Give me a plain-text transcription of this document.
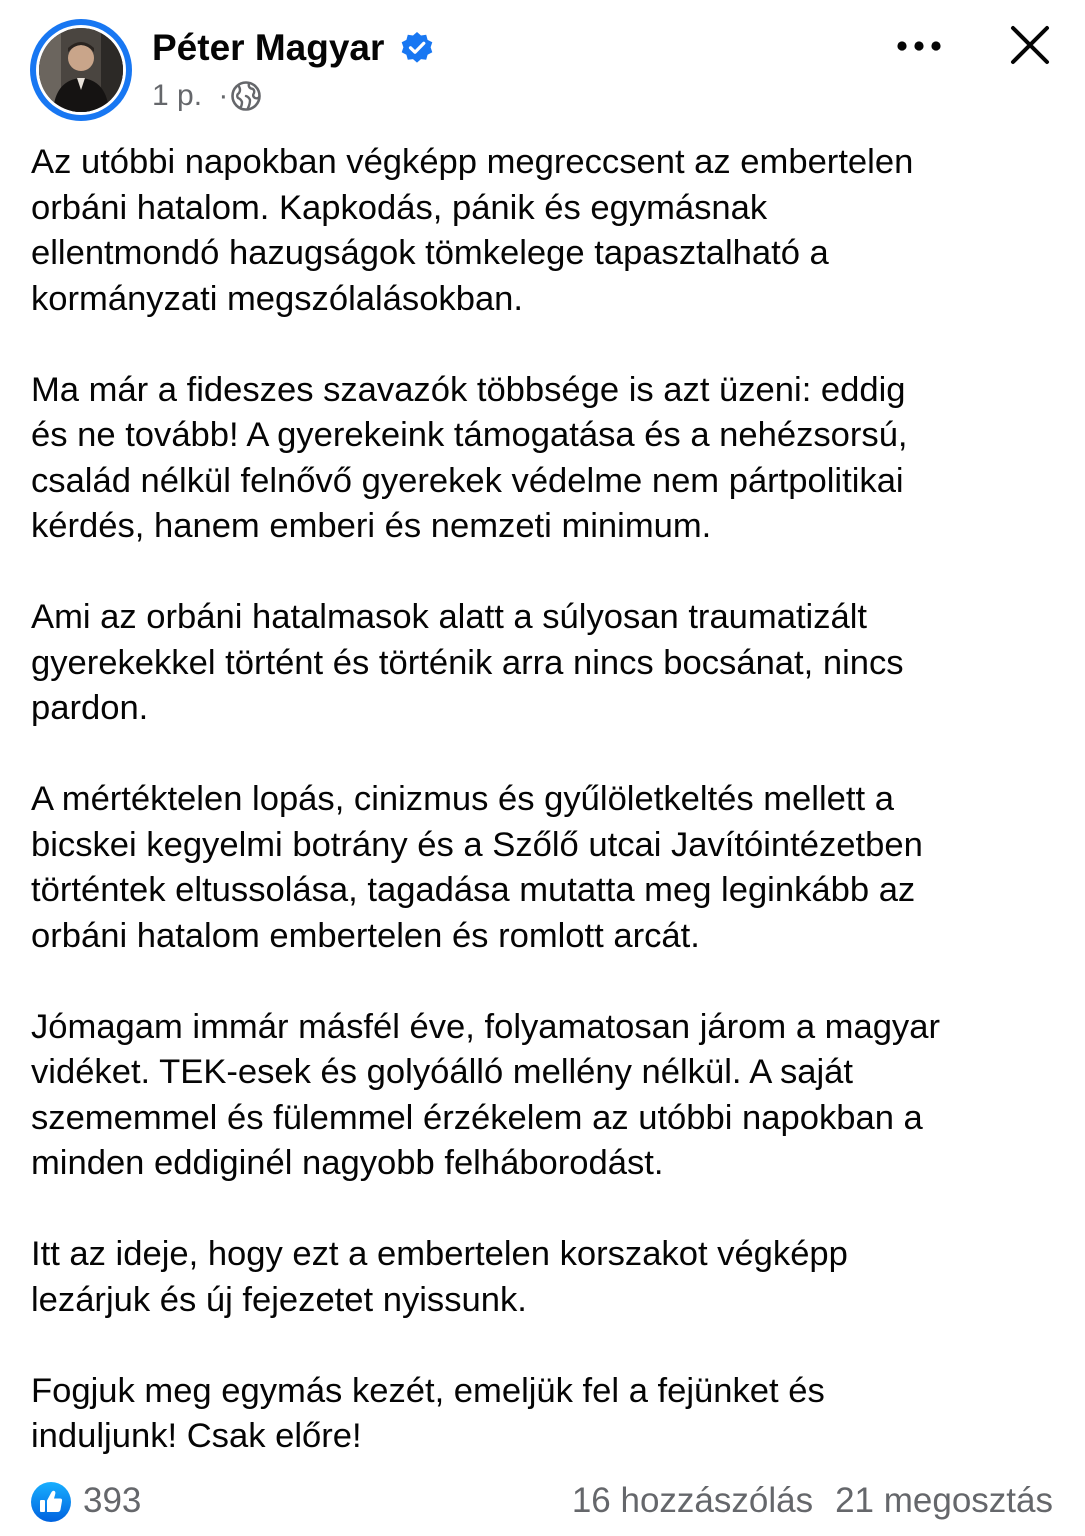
Péter Magyar
1 p. ·

Az utóbbi napokban végképp megreccsent az embertelen
orbáni hatalom. Kapkodás, pánik és egymásnak
ellentmondó hazugságok tömkelege tapasztalható a
kormányzati megszólalásokban.

Ma már a fideszes szavazók többsége is azt üzeni: eddig
és ne tovább! A gyerekeink támogatása és a nehézsorsú,
család nélkül felnővő gyerekek védelme nem pártpolitikai
kérdés, hanem emberi és nemzeti minimum.

Ami az orbáni hatalmasok alatt a súlyosan traumatizált
gyerekekkel történt és történik arra nincs bocsánat, nincs
pardon.

A mértéktelen lopás, cinizmus és gyűlöletkeltés mellett a
bicskei kegyelmi botrány és a Szőlő utcai Javítóintézetben
történtek eltussolása, tagadása mutatta meg leginkább az
orbáni hatalom embertelen és romlott arcát.

Jómagam immár másfél éve, folyamatosan járom a magyar
vidéket. TEK-esek és golyóálló mellény nélkül. A saját
szememmel és fülemmel érzékelem az utóbbi napokban a
minden eddiginél nagyobb felháborodást.

Itt az ideje, hogy ezt a embertelen korszakot végképp
lezárjuk és új fejezetet nyissunk.

Fogjuk meg egymás kezét, emeljük fel a fejünket és
induljunk! Csak előre!

393	16 hozzászólás 21 megosztás
